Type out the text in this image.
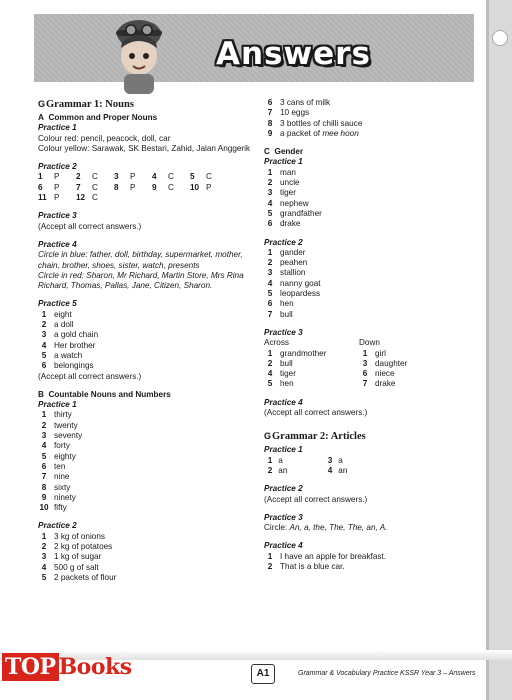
Answers
G Grammar 1: Nouns
A Common and Proper Nouns
Practice 1
Colour red: pencil, peacock, doll, car
Colour yellow: Sarawak, SK Bestari, Zahid, Jalan Anggerik
Practice 2
1 P	2 C	3 P	4 C	5 C
6 P	7 C	8 P	9 C	10 P
11 P	12 C
Practice 3
(Accept all correct answers.)
Practice 4
Circle in blue: father, doll, birthday, supermarket, mother,
chain, brother, shoes, sister, watch, presents
Circle in red: Sharon, Mr Richard, Martin Store, Mrs Rina
Richard, Thomas, Pallas, Jane, Citizen, Sharon.
Practice 5
1 eight
2 a doll
3 a gold chain
4 Her brother
5 a watch
6 belongings
(Accept all correct answers.)
B Countable Nouns and Numbers
Practice 1
1 thirty
2 twenty
3 seventy
4 forty
5 eighty
6 ten
7 nine
8 sixty
9 ninety
10 fifty
Practice 2
1 3 kg of onions
2 2 kg of potatoes
3 1 kg of sugar
4 500 g of salt
5 2 packets of flour
6 3 cans of milk
7 10 eggs
8 3 bottles of chilli sauce
9 a packet of mee hoon
C Gender
Practice 1
1 man
2 uncle
3 tiger
4 nephew
5 grandfather
6 drake
Practice 2
1 gander
2 peahen
3 stallion
4 nanny goat
5 leopardess
6 hen
7 bull
Practice 3
Across
1 grandmother
2 bull
4 tiger
5 hen
Down
1 girl
3 daughter
6 niece
7 drake
Practice 4
(Accept all correct answers.)
G Grammar 2: Articles
Practice 1
1 a	3 a
2 an	4 an
Practice 2
(Accept all correct answers.)
Practice 3
Circle: An, a, the, The, The, an, A.
Practice 4
1 I have an apple for breakfast.
2 That is a blue car.
TOP Books	A1	Grammar & Vocabulary Practice KSSR Year 3 – Answers
